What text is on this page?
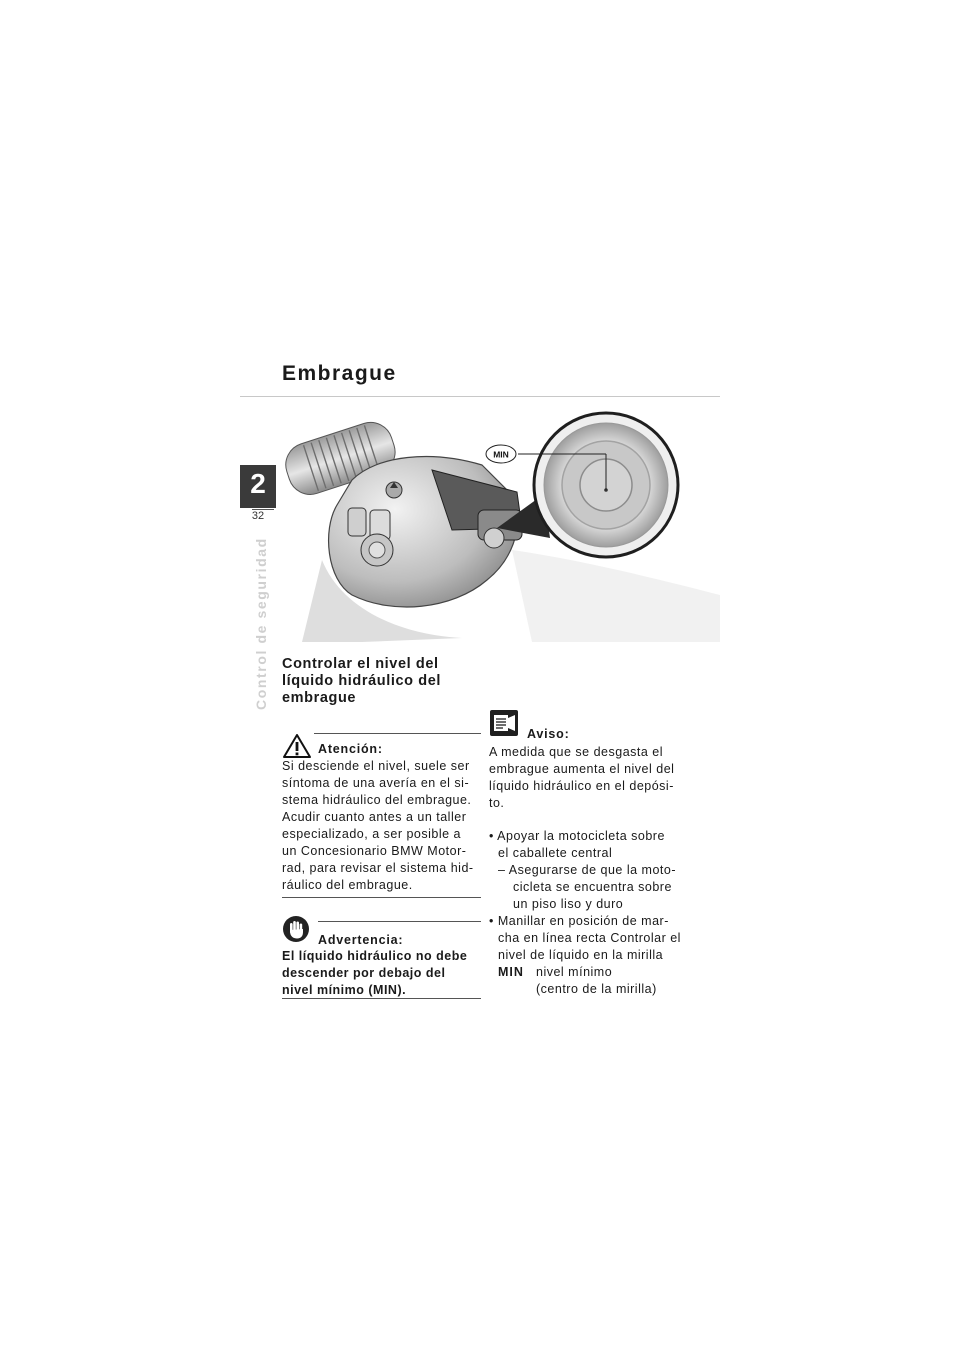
Embrague
2
32
Control de seguridad
MIN
Controlar el nivel del
líquido hidráulico del
embrague
Atención:
Si desciende el nivel, suele ser
síntoma de una avería en el si-
stema hidráulico del embrague.
Acudir cuanto antes a un taller
especializado, a ser posible a
un Concesionario BMW Motor-
rad, para revisar el sistema hid-
ráulico del embrague.
Advertencia:
El líquido hidráulico no debe
descender por debajo del
nivel mínimo (MIN).
Aviso:
A medida que se desgasta el
embrague aumenta el nivel del
líquido hidráulico en el depósi-
to.
• Apoyar la motocicleta sobre
el caballete central
– Asegurarse de que la moto-
cicleta se encuentra sobre
un piso liso y duro
• Manillar en posición de mar-
cha en línea recta Controlar el
nivel de líquido en la mirilla
MIN nivel mínimo
(centro de la mirilla)
